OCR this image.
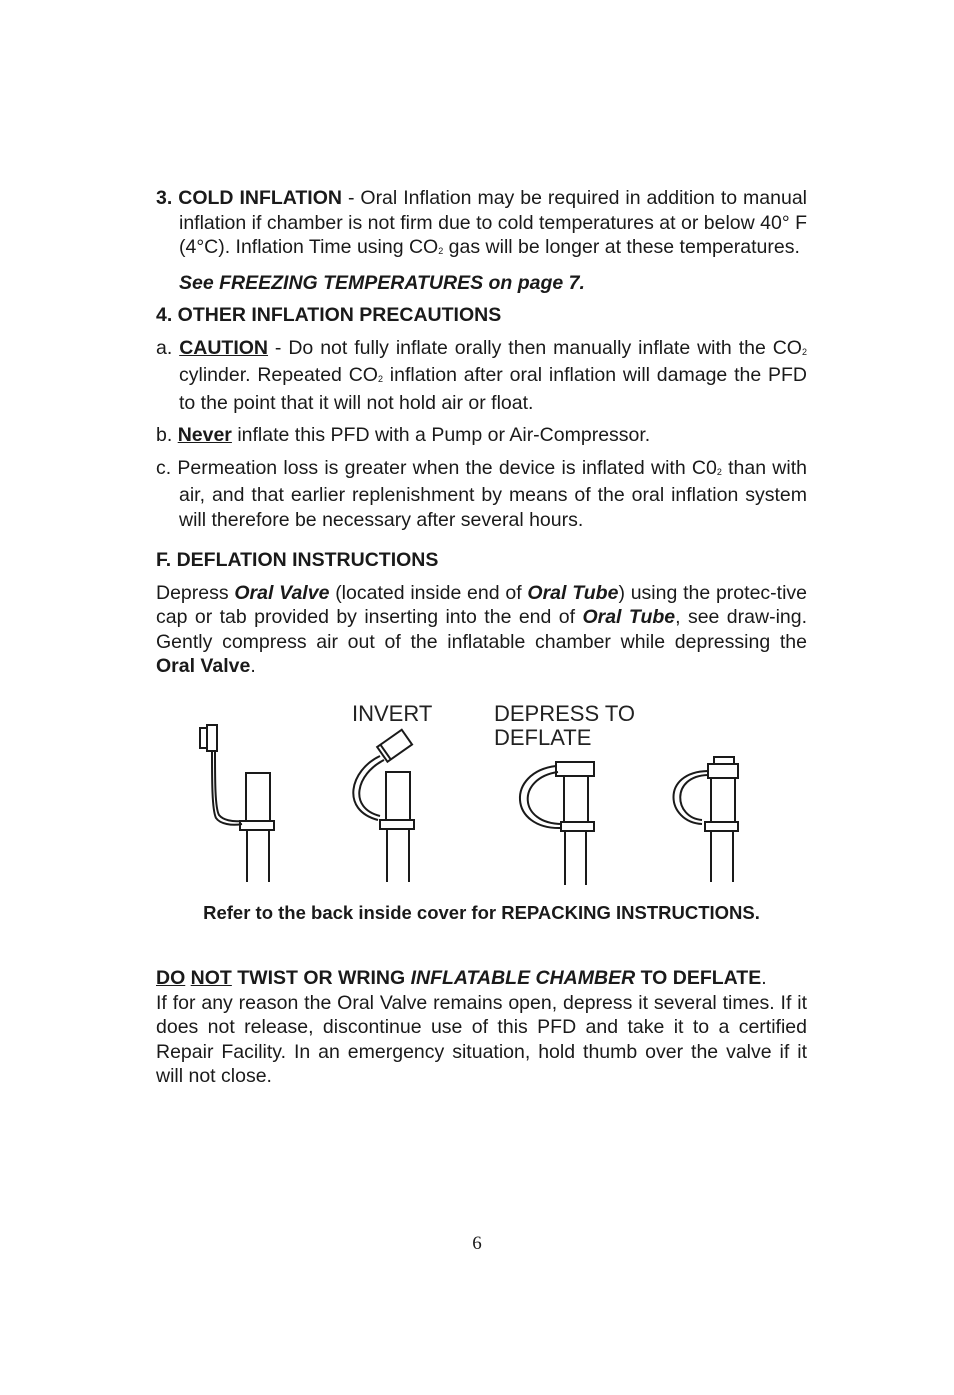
3. COLD INFLATION - Oral Inflation may be required in addition to manual inflation if chamber is not firm due to cold temperatures at or below 40° F (4°C). Inflation Time using $CO_2$ gas will be longer at these temperatures.
See FREEZING TEMPERATURES on page 7.
4. OTHER INFLATION PRECAUTIONS
a. CAUTION - Do not fully inflate orally then manually inflate with the $CO_2$ cylinder. Repeated $CO_2$ inflation after oral inflation will damage the PFD to the point that it will not hold air or float.
b. Never inflate this PFD with a Pump or Air-Compressor.
c. Permeation loss is greater when the device is inflated with $C0_2$ than with air, and that earlier replenishment by means of the oral inflation system will therefore be necessary after several hours.
F. DEFLATION INSTRUCTIONS
Depress Oral Valve (located inside end of Oral Tube) using the protec-tive cap or tab provided by inserting into the end of Oral Tube, see draw-ing. Gently compress air out of the inflatable chamber while depressing the Oral Valve.
INVERT	DEPRESS TO
DEFLATE
Refer to the back inside cover for REPACKING INSTRUCTIONS.
DO NOT TWIST OR WRING INFLATABLE CHAMBER TO DEFLATE.
If for any reason the Oral Valve remains open, depress it several times. If it does not release, discontinue use of this PFD and take it to a certified Repair Facility. In an emergency situation, hold thumb over the valve if it will not close.
6
